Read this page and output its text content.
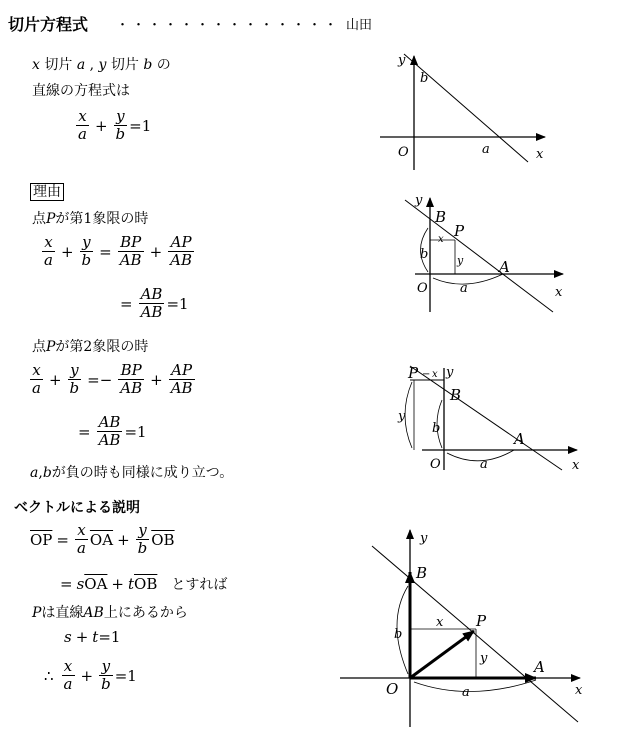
切片方程式 ・・・・・・・・・・・・・・ 山田
x 切片 a , y 切片 b の
直線の方程式は
$\frac{x}{a} + \frac{y}{b} =1$
理由
点Pが第1象限の時
$\frac{x}{a} + \frac{y}{b} = \frac{BP}{AB} + \frac{AP}{AB}$
= $\frac{AB}{AB} =1$
点Pが第2象限の時
$\frac{x}{a} + \frac{y}{b} =- \frac{BP}{AB} + \frac{AP}{AB}$
= $\frac{AB}{AB} =1$
a,bが負の時も同様に成り立つ。
ベクトルによる説明
$\overline{OP} = \frac{x}{a} \overline{OA} + \frac{y}{b} \overline{OB}$
= s $\overline{OA} + t$ $\overline{OB}$ とすれば
Pは直線AB上にあるから
s + t =1
∴ $\frac{x}{a} + \frac{y}{b} =1$
y
b
O	a	x
y
B
x P
b	y A
O a	x
P − x y
B
y
b
A
O	a	x
y
B
x P
b
y	A
O	a	x
